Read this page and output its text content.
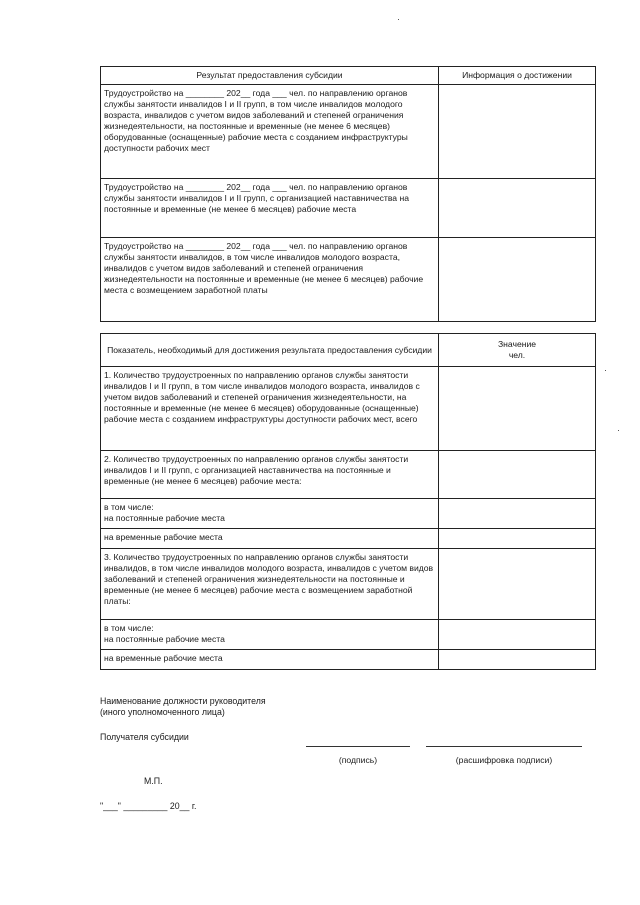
Результат предоставления субсидии	Информация о достижении
Трудоустройство на ________ 202__ года ___ чел. по направлению органов службы занятости инвалидов I и II групп, в том числе инвалидов молодого возраста, инвалидов с учетом видов заболеваний и степеней ограничения жизнедеятельности, на постоянные и временные (не менее 6 месяцев) оборудованные (оснащенные) рабочие места с созданием инфраструктуры доступности рабочих мест	
Трудоустройство на ________ 202__ года ___ чел. по направлению органов службы занятости инвалидов I и II групп, с организацией наставничества на постоянные и временные (не менее 6 месяцев) рабочие места	
Трудоустройство на ________ 202__ года ___ чел. по направлению органов службы занятости инвалидов, в том числе инвалидов молодого возраста, инвалидов с учетом видов заболеваний и степеней ограничения жизнедеятельности на постоянные и временные (не менее 6 месяцев) рабочие места с возмещением заработной платы	
Показатель, необходимый для достижения результата предоставления субсидии	Значение
чел.

1. Количество трудоустроенных по направлению органов службы занятости инвалидов I и II групп, в том числе инвалидов молодого возраста, инвалидов с учетом видов заболеваний и степеней ограничения жизнедеятельности, на постоянные и временные (не менее 6 месяцев) оборудованные (оснащенные) рабочие места с созданием инфраструктуры доступности рабочих мест, всего	
2. Количество трудоустроенных по направлению органов службы занятости инвалидов I и II групп, с организацией наставничества на постоянные и временные (не менее 6 месяцев) рабочие места:	
в том числе:
на постоянные рабочие места	
на временные рабочие места	
3. Количество трудоустроенных по направлению органов службы занятости инвалидов, в том числе инвалидов молодого возраста, инвалидов с учетом видов заболеваний и степеней ограничения жизнедеятельности на постоянные и временные (не менее 6 месяцев) рабочие места с возмещением заработной платы:	
в том числе:
на постоянные рабочие места	
на временные рабочие места	
Наименование должности руководителя
(иного уполномоченного лица)
Получателя субсидии
(подпись)	(расшифровка подписи)
М.П.
"___" _________ 20__ г.
